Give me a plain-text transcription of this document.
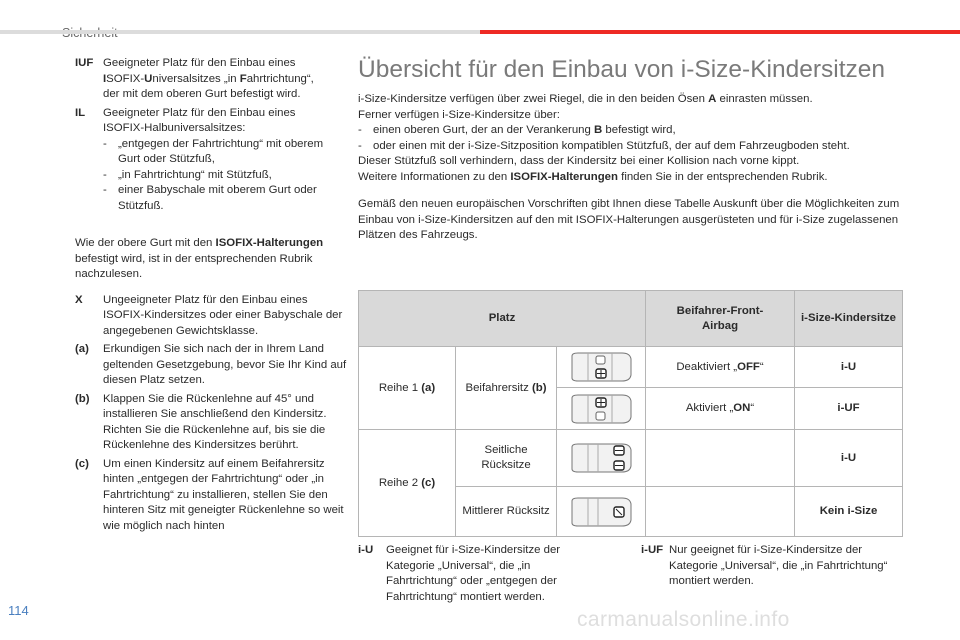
IUF Geeigneter Platz für den Einbau eines
ISOFIX-Universalsitzes „in Fahrtrichtung“,
der mit dem oberen Gurt befestigt wird.
IL Geeigneter Platz für den Einbau eines
ISOFIX-Halbuniversalsitzes:
- „entgegen der Fahrtrichtung“ mit oberem Gurt oder Stützfuß,
- „in Fahrtrichtung“ mit Stützfuß,
- einer Babyschale mit oberem Gurt oder Stützfuß.
Wie der obere Gurt mit den ISOFIX-Halterungen befestigt wird, ist in der entsprechenden Rubrik nachzulesen.
X Ungeeigneter Platz für den Einbau eines ISOFIX-Kindersitzes oder einer Babyschale der angegebenen Gewichtsklasse.
(a) Erkundigen Sie sich nach der in Ihrem Land geltenden Gesetzgebung, bevor Sie Ihr Kind auf diesen Platz setzen.
(b) Klappen Sie die Rückenlehne auf 45° und installieren Sie anschließend den Kindersitz.
Richten Sie die Rückenlehne auf, bis sie die Rückenlehne des Kindersitzes berührt.
(c) Um einen Kindersitz auf einem Beifahrersitz hinten „entgegen der Fahrtrichtung“ oder „in Fahrtrichtung“ zu installieren, stellen Sie den hinteren Sitz mit geneigter Rückenlehne so weit wie möglich nach hinten
Übersicht für den Einbau von i-Size-Kindersitzen
i-Size-Kindersitze verfügen über zwei Riegel, die in den beiden Ösen A einrasten müssen.
Ferner verfügen i-Size-Kindersitze über:
- einen oberen Gurt, der an der Verankerung B befestigt wird,
- oder einen mit der i-Size-Sitzposition kompatiblen Stützfuß, der auf dem Fahrzeugboden steht.
Dieser Stützfuß soll verhindern, dass der Kindersitz bei einer Kollision nach vorne kippt.
Weitere Informationen zu den ISOFIX-Halterungen finden Sie in der entsprechenden Rubrik.
Gemäß den neuen europäischen Vorschriften gibt Ihnen diese Tabelle Auskunft über die Möglichkeiten zum Einbau von i-Size-Kindersitzen auf den mit ISOFIX-Halterungen ausgerüsteten und für i-Size zugelassenen Plätzen des Fahrzeugs.
Platz			Beifahrer-Front-Airbag	i-Size-Kindersitze
Reihe 1 (a)	Beifahrersitz (b)		Deaktiviert „OFF“	i-U

	Aktiviert „ON“	i-UF
Reihe 2 (c)	Seitliche Rücksitze			i-U
	Mittlerer Rücksitz			Kein i-Size
i-U Geeignet für i-Size-Kindersitze der Kategorie „Universal“, die „in Fahrtrichtung“ oder „entgegen der Fahrtrichtung“ montiert werden.
i-UF Nur geeignet für i-Size-Kindersitze der Kategorie „Universal“, die „in Fahrtrichtung“ montiert werden.
114	carmanualsonline.info
